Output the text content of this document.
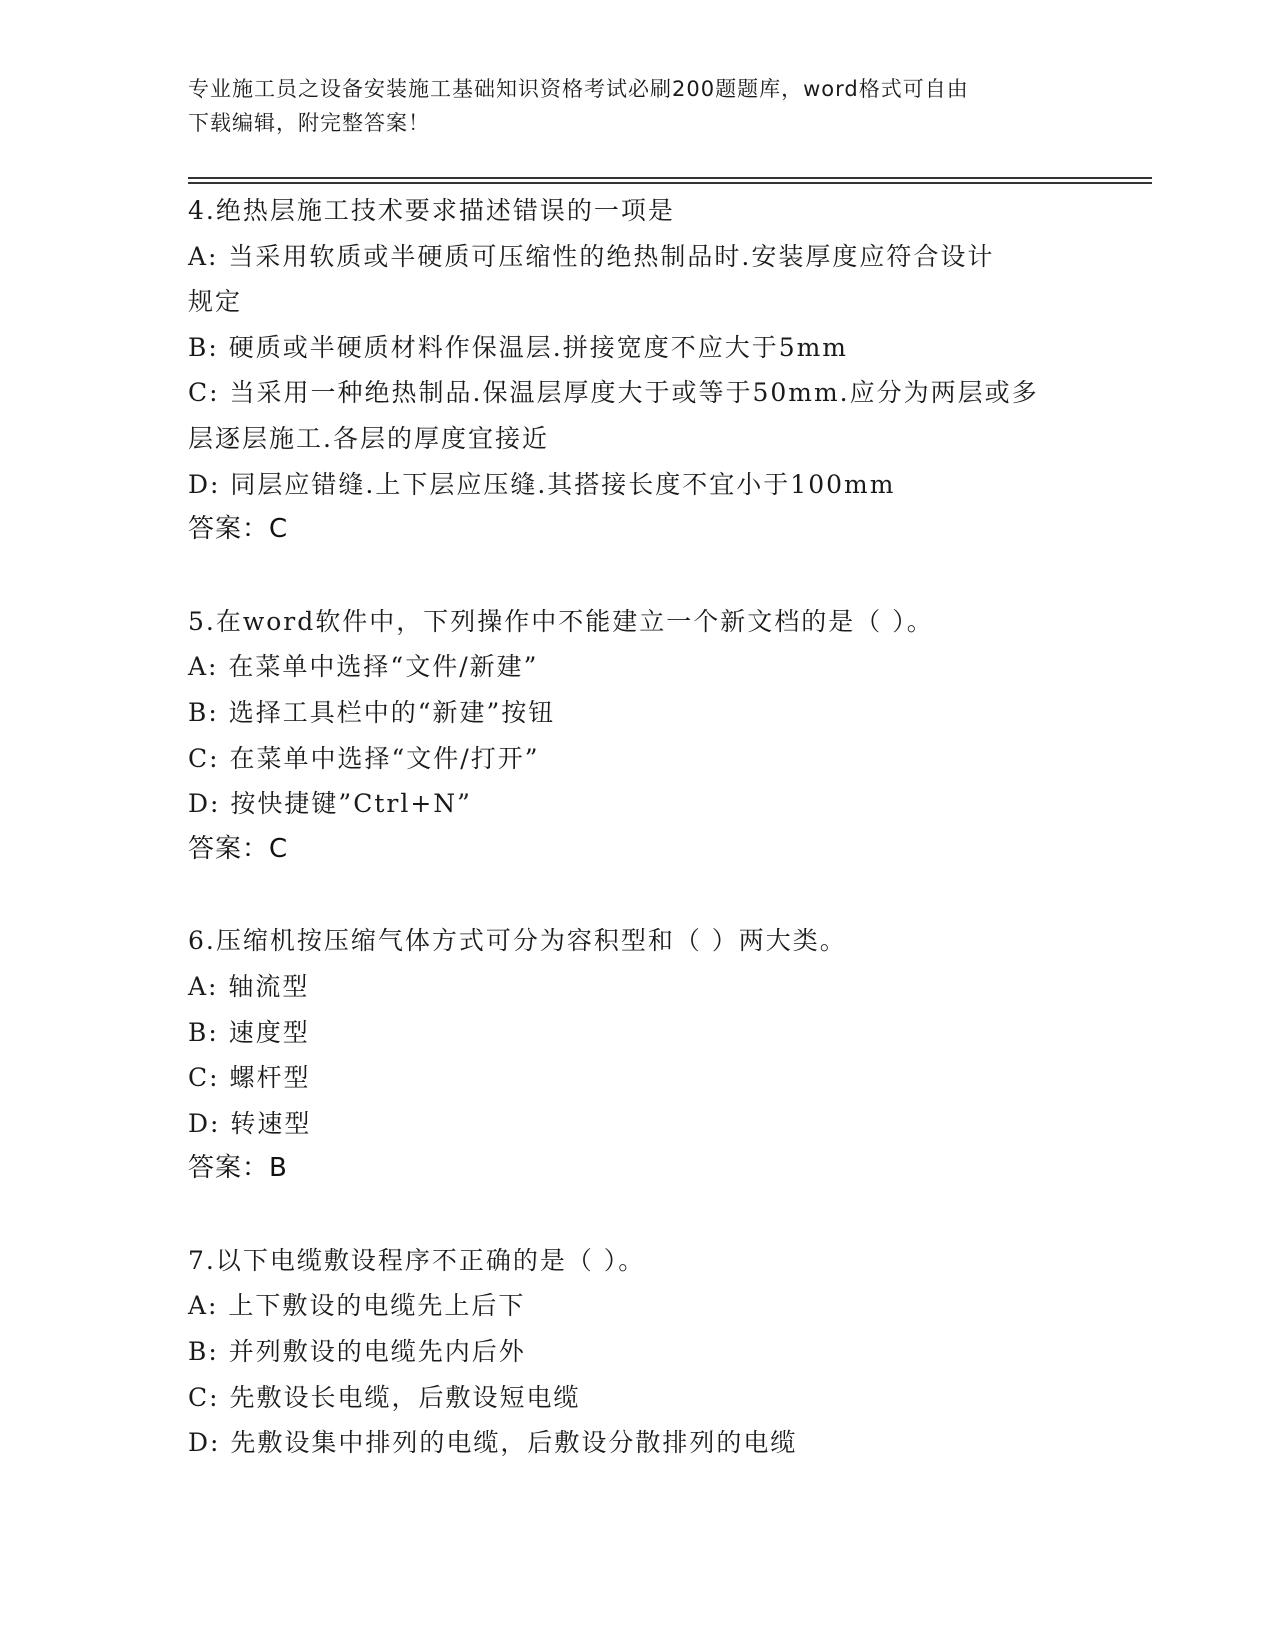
专业施工员之设备安装施工基础知识资格考试必刷200题题库，word格式可自由
下载编辑，附完整答案！
4.绝热层施工技术要求描述错误的一项是
A: 当采用软质或半硬质可压缩性的绝热制品时.安装厚度应符合设计
规定
B: 硬质或半硬质材料作保温层.拼接宽度不应大于5mm
C: 当采用一种绝热制品.保温层厚度大于或等于50mm.应分为两层或多
层逐层施工.各层的厚度宜接近
D: 同层应错缝.上下层应压缝.其搭接长度不宜小于100mm
答案：C
5.在word软件中，下列操作中不能建立一个新文档的是（ ）。
A: 在菜单中选择“文件/新建”
B: 选择工具栏中的“新建”按钮
C: 在菜单中选择“文件/打开”
D: 按快捷键”Ctrl+N”
答案：C
6.压缩机按压缩气体方式可分为容积型和（ ）两大类。
A: 轴流型
B: 速度型
C: 螺杆型
D: 转速型
答案：B
7.以下电缆敷设程序不正确的是（ ）。
A: 上下敷设的电缆先上后下
B: 并列敷设的电缆先内后外
C: 先敷设长电缆，后敷设短电缆
D: 先敷设集中排列的电缆，后敷设分散排列的电缆
